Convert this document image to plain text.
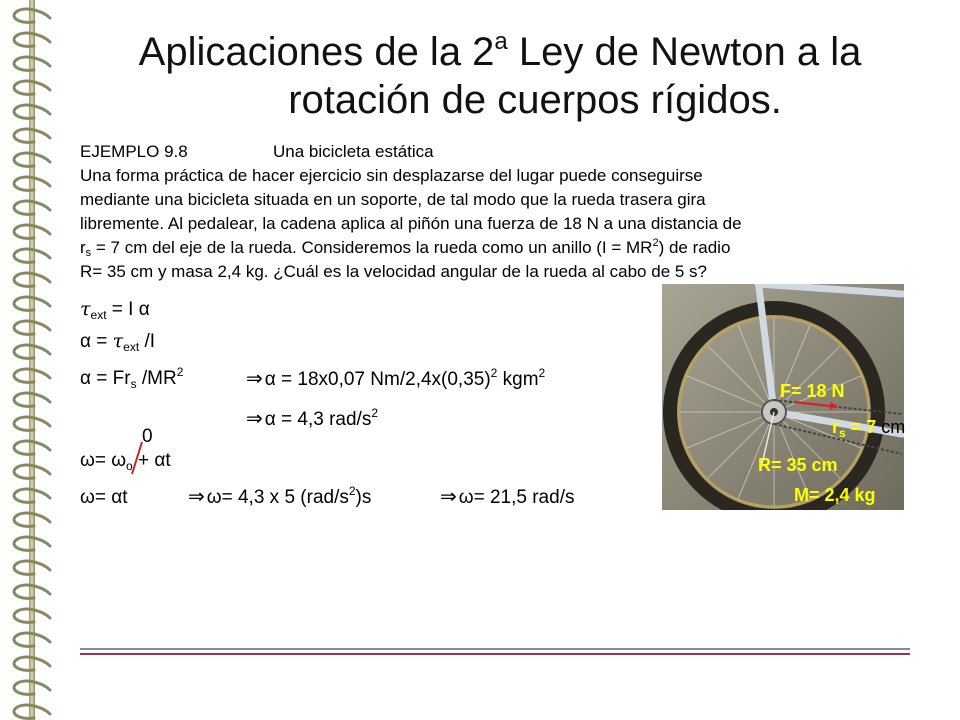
Aplicaciones de la 2$^a$ Ley de Newton a la
rotación de cuerpos rígidos.
EJEMPLO 9.8	Una bicicleta estática
Una forma práctica de hacer ejercicio sin desplazarse del lugar puede conseguirse
mediante una bicicleta situada en un soporte, de tal modo que la rueda trasera gira
libremente. Al pedalear, la cadena aplica al piñón una fuerza de 18 N a una distancia de
$r_s = 7$ cm del eje de la rueda. Consideremos la rueda como un anillo $(I = MR^2)$ de radio
R= 35 cm y masa 2,4 kg. ¿Cuál es la velocidad angular de la rueda al cabo de 5 s?
$\tau_{ext} = I$ α
$\alpha = \tau_{ext}$ /I
$\alpha = Fr_s$ $/MR^2$	⇒ α = 18x0,07 $Nm/2,4x(0,35)^2$ kgm$^2$
⇒ α = 4,3 rad/$s^2$
0
$\omega= \omega_o + \alpha t$
ω= αt	⇒ ω= 4,3 x 5 $(rad/s^2)s$	⇒ ω= 21,5 rad/s
F= 18 N
$r_s = 7$ cm
R= 35 cm
M= 2,4 kg
